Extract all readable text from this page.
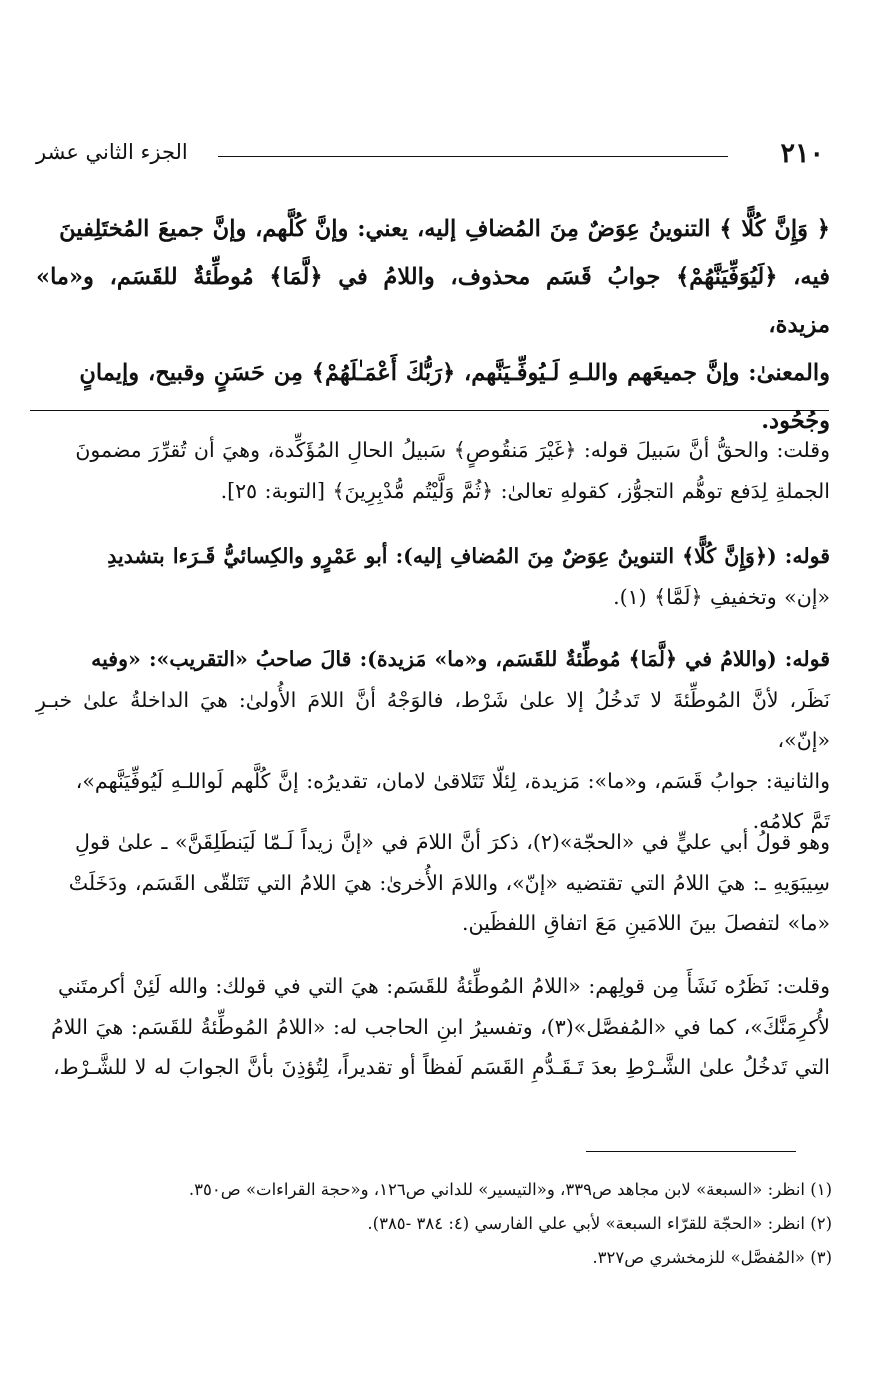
٢١٠
الجزء الثاني عشر
﴿ وَإِنَّ كُلًّا ﴾ التنوينُ عِوَضٌ مِنَ المُضافِ إليه، يعني: وإنَّ كُلَّهم، وإنَّ جميعَ المُختَلِفينَ
فيه، ﴿لَيُوَفِّيَنَّهُمْ﴾ جوابُ قَسَم محذوف، واللامُ في ﴿لَّمَا﴾ مُوطِّئةٌ للقَسَم، و«ما» مزيدة،
والمعنىٰ: وإنَّ جميعَهم واللـهِ لَـيُوفِّـيَنَّهم، ﴿رَبُّكَ أَعْمَـٰلَهُمْ﴾ مِن حَسَنٍ وقبيح، وإيمانٍ
وجُحُود.
وقلت: والحقُّ أنَّ سَبيلَ قوله: ﴿غَيْرَ مَنقُوصٍ﴾ سَبيلُ الحالِ المُؤَكِّدة، وهيَ أن تُقرِّرَ مضمونَ
الجملةِ لِدَفع توهُّم التجوُّز، كقولهِ تعالىٰ: ﴿ثُمَّ وَلَّيْتُم مُّدْبِرِينَ﴾ [التوبة: ٢٥].
قوله: (﴿وَإِنَّ كُلًّا﴾ التنوينُ عِوَضٌ مِنَ المُضافِ إليه): أبو عَمْرٍو والكِسائيُّ قَـرَءا بتشديدِ
«إن» وتخفيفِ ﴿لَمَّا﴾ (١).
قوله: (واللامُ في ﴿لَّمَا﴾ مُوطِّئةٌ للقَسَم، و«ما» مَزيدة): قالَ صاحبُ «التقريب»: «وفيه
نَظَر، لأنَّ المُوطِّئةَ لا تَدخُلُ إلا علىٰ شَرْط، فالوَجْهُ أنَّ اللامَ الأُولىٰ: هيَ الداخلةُ علىٰ خبـرِ «إنّ»،
والثانية: جوابُ قَسَم، و«ما»: مَزيدة، لِئلّا تَتَلاقىٰ لامان، تقديرُه: إنَّ كُلَّهم لَواللـهِ لَيُوفِّيَنَّهم»،
تَمَّ كلامُه.
وهو قولُ أبي عليٍّ في «الحجّة»(٢)، ذكرَ أنَّ اللامَ في «إنَّ زيداً لَـمّا لَيَنطَلِقَنَّ» ـ علىٰ قولِ
سِيبَوَيهِ ـ: هيَ اللامُ التي تقتضيه «إنّ»، واللامَ الأُخرىٰ: هيَ اللامُ التي تَتَلقّى القَسَم، ودَخَلَتْ
«ما» لتفصلَ بينَ اللامَينِ مَعَ اتفاقِ اللفظَين.
وقلت: نَظَرُه نَشَأَ مِن قولِهم: «اللامُ المُوطِّئةُ للقَسَم: هيَ التي في قولك: والله لَئِنْ أكرمتَني
لأُكرِمَنَّكَ»، كما في «المُفصَّل»(٣)، وتفسيرُ ابنِ الحاجب له: «اللامُ المُوطِّئةُ للقَسَم: هيَ اللامُ
التي تَدخُلُ علىٰ الشَّـرْطِ بعدَ تَـقَـدُّمِ القَسَم لَفظاً أو تقديراً، لِتُؤذِنَ بأنَّ الجوابَ له لا للشَّـرْط،
(١) انظر: «السبعة» لابن مجاهد ص٣٣٩، و«التيسير» للداني ص١٢٦، و«حجة القراءات» ص٣٥٠.
(٢) انظر: «الحجّة للقرّاء السبعة» لأبي علي الفارسي (٤: ٣٨٤ -٣٨٥).
(٣) «المُفصَّل» للزمخشري ص٣٢٧.
